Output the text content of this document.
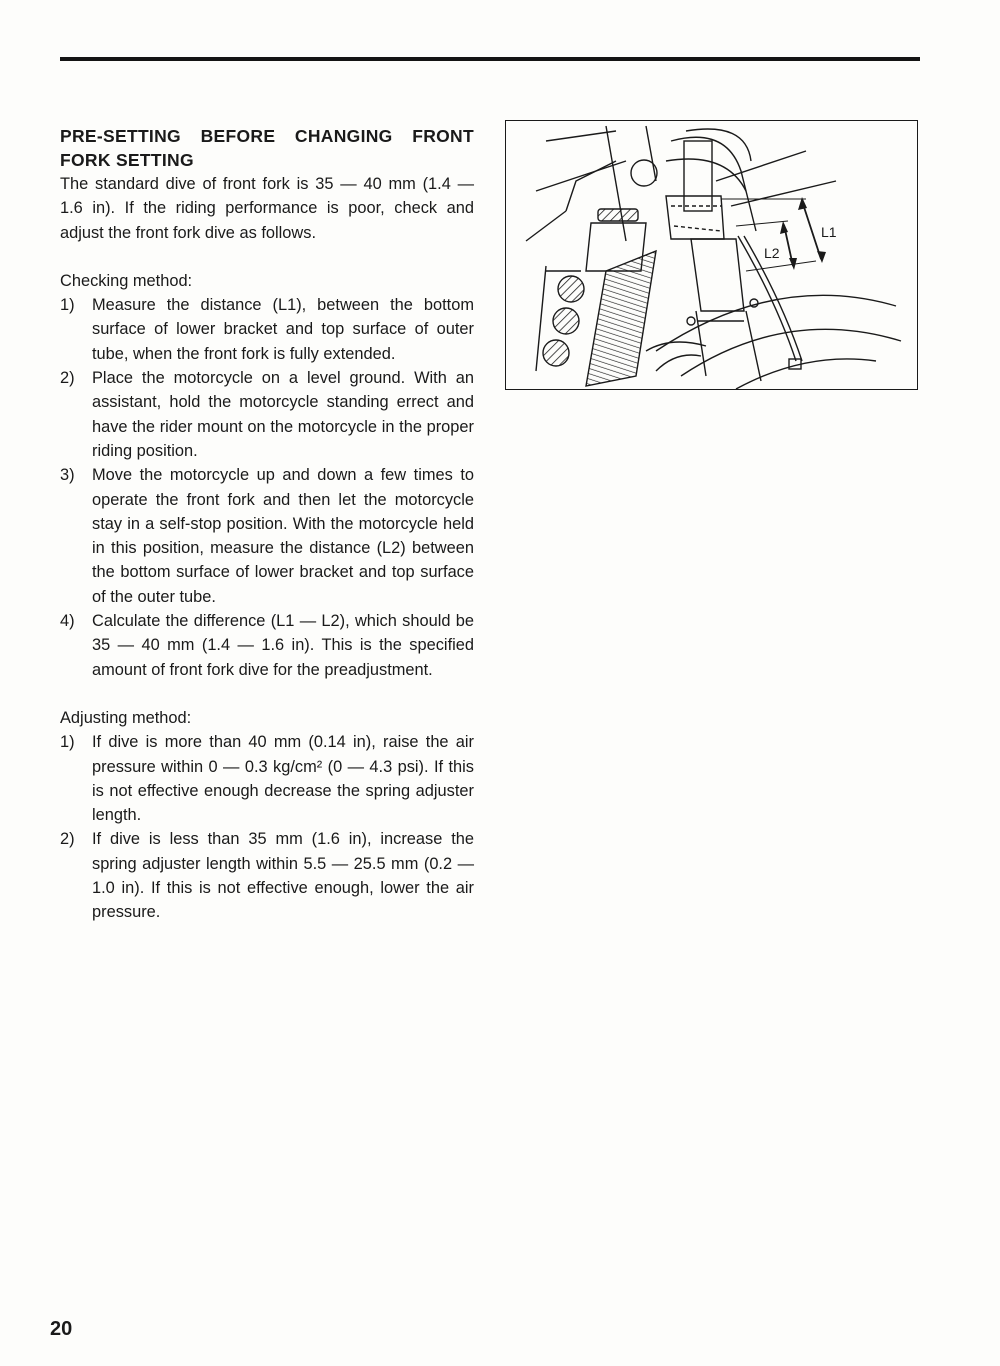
PRE-SETTING BEFORE CHANGING FRONT FORK SETTING

The standard dive of front fork is 35 — 40 mm (1.4 — 1.6 in). If the riding performance is poor, check and adjust the front fork dive as follows.

Checking method:

1) Measure the distance (L1), between the bottom surface of lower bracket and top surface of outer tube, when the front fork is fully extended.
2) Place the motorcycle on a level ground. With an assistant, hold the motorcycle standing errect and have the rider mount on the motorcycle in the proper riding position.
3) Move the motorcycle up and down a few times to operate the front fork and then let the motorcycle stay in a self-stop position. With the motorcycle held in this position, measure the distance (L2) between the bottom surface of lower bracket and top surface of the outer tube.
4) Calculate the difference (L1 — L2), which should be 35 — 40 mm (1.4 — 1.6 in). This is the specified amount of front fork dive for the preadjustment.

Adjusting method:

1) If dive is more than 40 mm (0.14 in), raise the air pressure within 0 — 0.3 kg/cm² (0 — 4.3 psi). If this is not effective enough decrease the spring adjuster length.
2) If dive is less than 35 mm (1.6 in), increase the spring adjuster length within 5.5 — 25.5 mm (0.2 — 1.0 in). If this is not effective enough, lower the air pressure.
L1
L2
20
